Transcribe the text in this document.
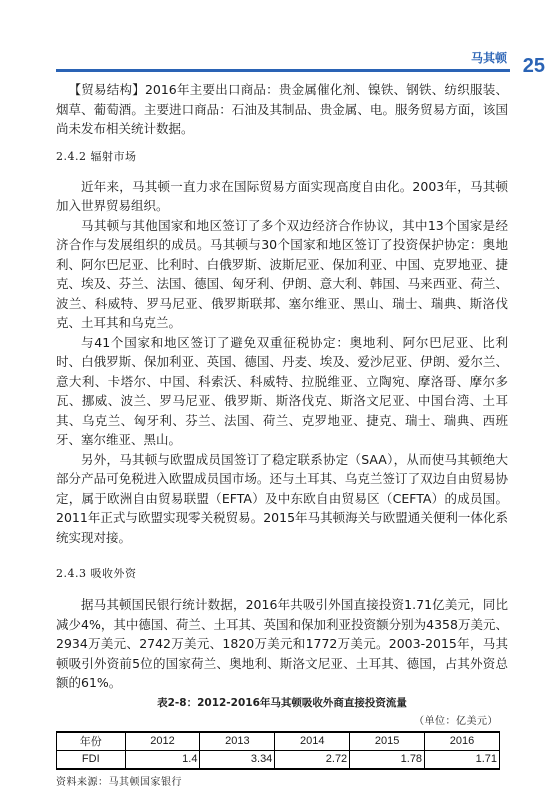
马其顿 25

【贸易结构】2016年主要出口商品：贵金属催化剂、镍铁、钢铁、纺织服装、烟草、葡萄酒。主要进口商品：石油及其制品、贵金属、电。服务贸易方面，该国尚未发布相关统计数据。

2.4.2 辐射市场

近年来，马其顿一直力求在国际贸易方面实现高度自由化。2003年，马其顿加入世界贸易组织。

马其顿与其他国家和地区签订了多个双边经济合作协议，其中13个国家是经济合作与发展组织的成员。马其顿与30个国家和地区签订了投资保护协定：奥地利、阿尔巴尼亚、比利时、白俄罗斯、波斯尼亚、保加利亚、中国、克罗地亚、捷克、埃及、芬兰、法国、德国、匈牙利、伊朗、意大利、韩国、马来西亚、荷兰、波兰、科威特、罗马尼亚、俄罗斯联邦、塞尔维亚、黑山、瑞士、瑞典、斯洛伐克、土耳其和乌克兰。

与41个国家和地区签订了避免双重征税协定：奥地利、阿尔巴尼亚、比利时、白俄罗斯、保加利亚、英国、德国、丹麦、埃及、爱沙尼亚、伊朗、爱尔兰、意大利、卡塔尔、中国、科索沃、科威特、拉脱维亚、立陶宛、摩洛哥、摩尔多瓦、挪威、波兰、罗马尼亚、俄罗斯、斯洛伐克、斯洛文尼亚、中国台湾、土耳其、乌克兰、匈牙利、芬兰、法国、荷兰、克罗地亚、捷克、瑞士、瑞典、西班牙、塞尔维亚、黑山。

另外，马其顿与欧盟成员国签订了稳定联系协定（SAA），从而使马其顿绝大部分产品可免税进入欧盟成员国市场。还与土耳其、乌克兰签订了双边自由贸易协定，属于欧洲自由贸易联盟（EFTA）及中东欧自由贸易区（CEFTA）的成员国。2011年正式与欧盟实现零关税贸易。2015年马其顿海关与欧盟通关便利一体化系统实现对接。

2.4.3 吸收外资

据马其顿国民银行统计数据，2016年共吸引外国直接投资1.71亿美元，同比减少4%，其中德国、荷兰、土耳其、英国和保加利亚投资额分别为4358万美元、2934万美元、2742万美元、1820万美元和1772万美元。2003-2015年，马其顿吸引外资前5位的国家荷兰、奥地利、斯洛文尼亚、土耳其、德国，占其外资总额的61%。

表2-8：2012-2016年马其顿吸收外商直接投资流量
（单位：亿美元）
年份	2012	2013	2014	2015	2016
FDI	1.4	3.34	2.72	1.78	1.71
资料来源：马其顿国家银行
